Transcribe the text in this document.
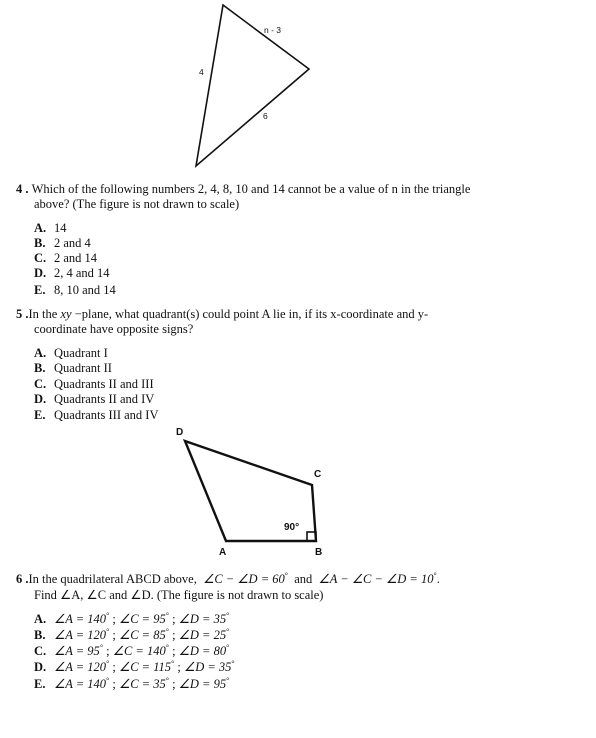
n - 3
4
6
4 . Which of the following numbers 2, 4, 8, 10 and 14 cannot be a value of n in the triangle
above? (The figure is not drawn to scale)
A. 14
B. 2 and 4
C. 2 and 14
D. 2, 4 and 14
E. 8, 10 and 14
5 .In the xy −plane, what quadrant(s) could point A lie in, if its x-coordinate and y-
coordinate have opposite signs?
A. Quadrant I
B. Quadrant II
C. Quadrants II and III
D. Quadrants II and IV
E. Quadrants III and IV
D
C
A	B
90°
6 .In the quadrilateral ABCD above, ∠C − ∠D = 60° and ∠A − ∠C − ∠D = 10°.
Find ∠A, ∠C and ∠D. (The figure is not drawn to scale)
A. ∠A = 140° ; ∠C = 95° ; ∠D = 35°
B. ∠A = 120° ; ∠C = 85° ; ∠D = 25°
C. ∠A = 95° ; ∠C = 140° ; ∠D = 80°
D. ∠A = 120° ; ∠C = 115° ; ∠D = 35°
E. ∠A = 140° ; ∠C = 35° ; ∠D = 95°
